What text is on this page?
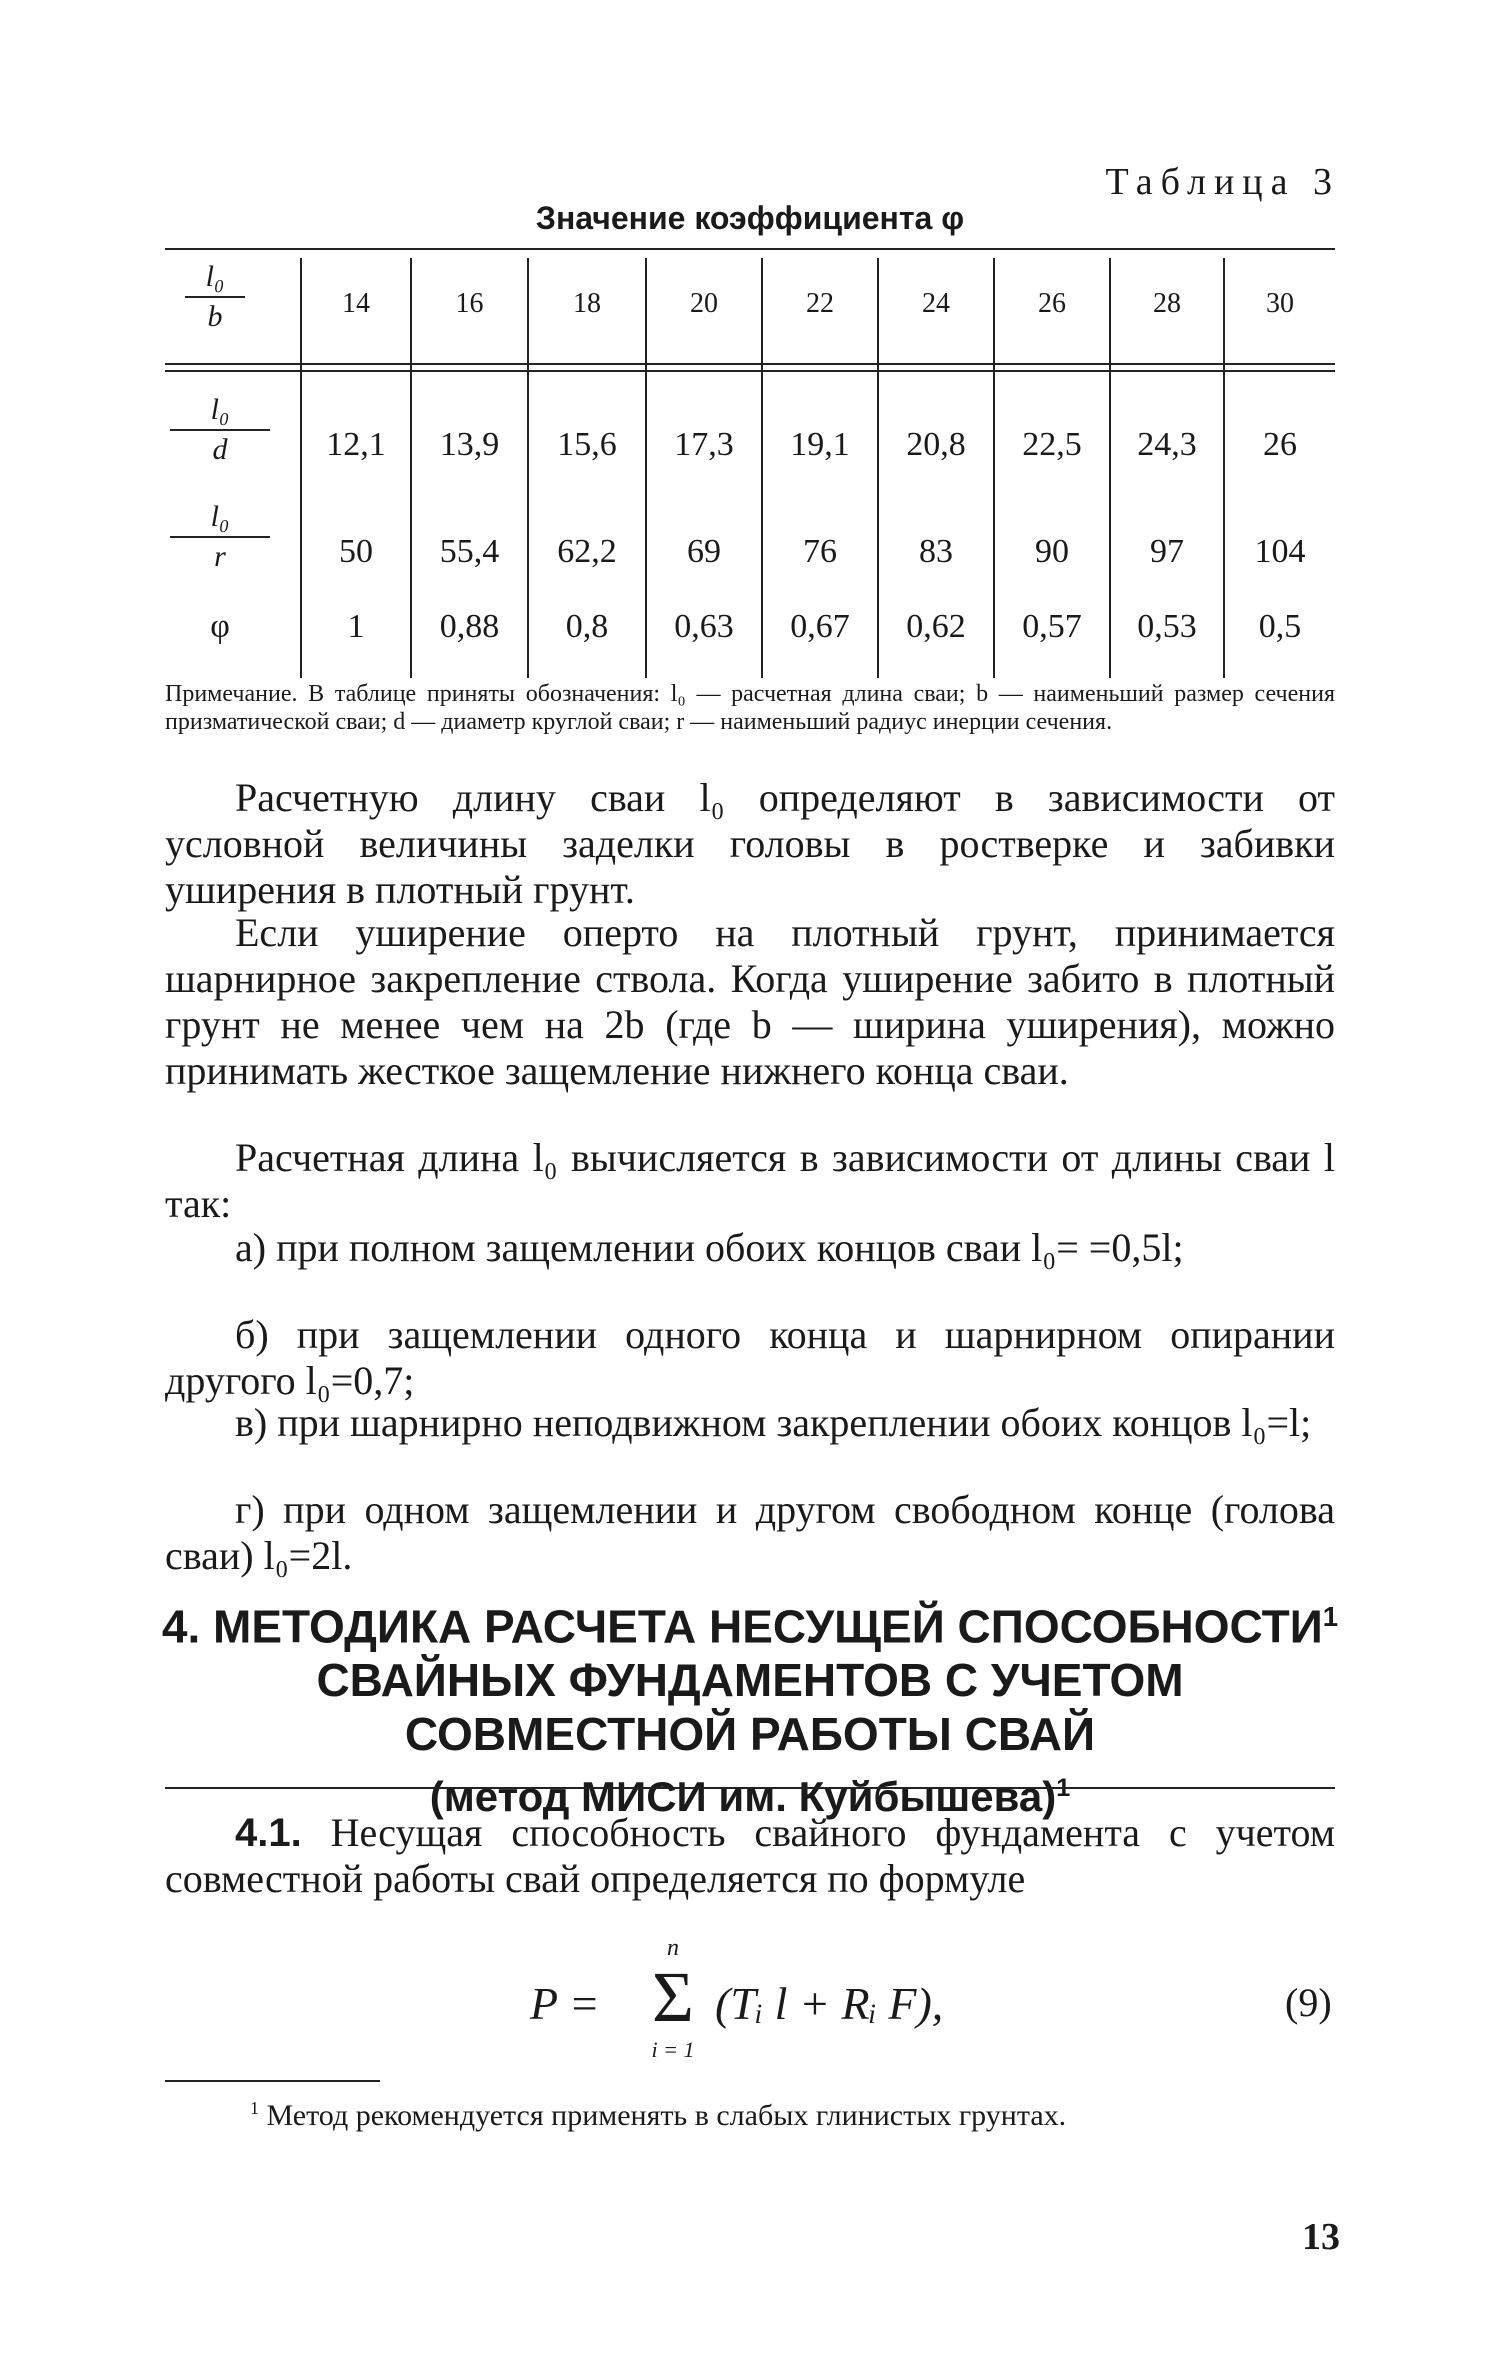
Таблица 3
Значение коэффициента φ
l₀
b	14	16	18	20	22	24	26	28	30
l₀
d	12,1	13,9	15,6	17,3	19,1	20,8	22,5	24,3	26
l₀
r	50	55,4	62,2	69	76	83	90	97	104
φ	1	0,88	0,8	0,63	0,67	0,62	0,57	0,53	0,5
Примечание. В таблице приняты обозначения: l₀ — расчетная длина сваи; b — наименьший размер сечения призматической сваи; d — диаметр круглой сваи; r — наименьший радиус инерции сечения.
Расчетную длину сваи l₀ определяют в зависимости от условной величины заделки головы в ростверке и забивки уширения в плотный грунт.
Если уширение оперто на плотный грунт, принимается шарнирное закрепление ствола. Когда уширение забито в плотный грунт не менее чем на 2b (где b — ширина уширения), можно принимать жесткое защемление нижнего конца сваи.
Расчетная длина l₀ вычисляется в зависимости от длины сваи l так:
а) при полном защемлении обоих концов сваи l₀= =0,5l;
б) при защемлении одного конца и шарнирном опирании другого l₀=0,7;
в) при шарнирно неподвижном закреплении обоих концов l₀=l;
г) при одном защемлении и другом свободном конце (голова сваи) l₀=2l.
4. МЕТОДИКА РАСЧЕТА НЕСУЩЕЙ СПОСОБНОСТИ$^1$
СВАЙНЫХ ФУНДАМЕНТОВ С УЧЕТОМ
СОВМЕСТНОЙ РАБОТЫ СВАЙ
(метод МИСИ им. Куйбышева)$^1$
4.1. Несущая способность свайного фундамента с учетом совместной работы свай определяется по формуле
P =
n
Σ
i = 1
(Tᵢ l + Rᵢ F),	(9)
$^1$ Метод рекомендуется применять в слабых глинистых грунтах.
13
